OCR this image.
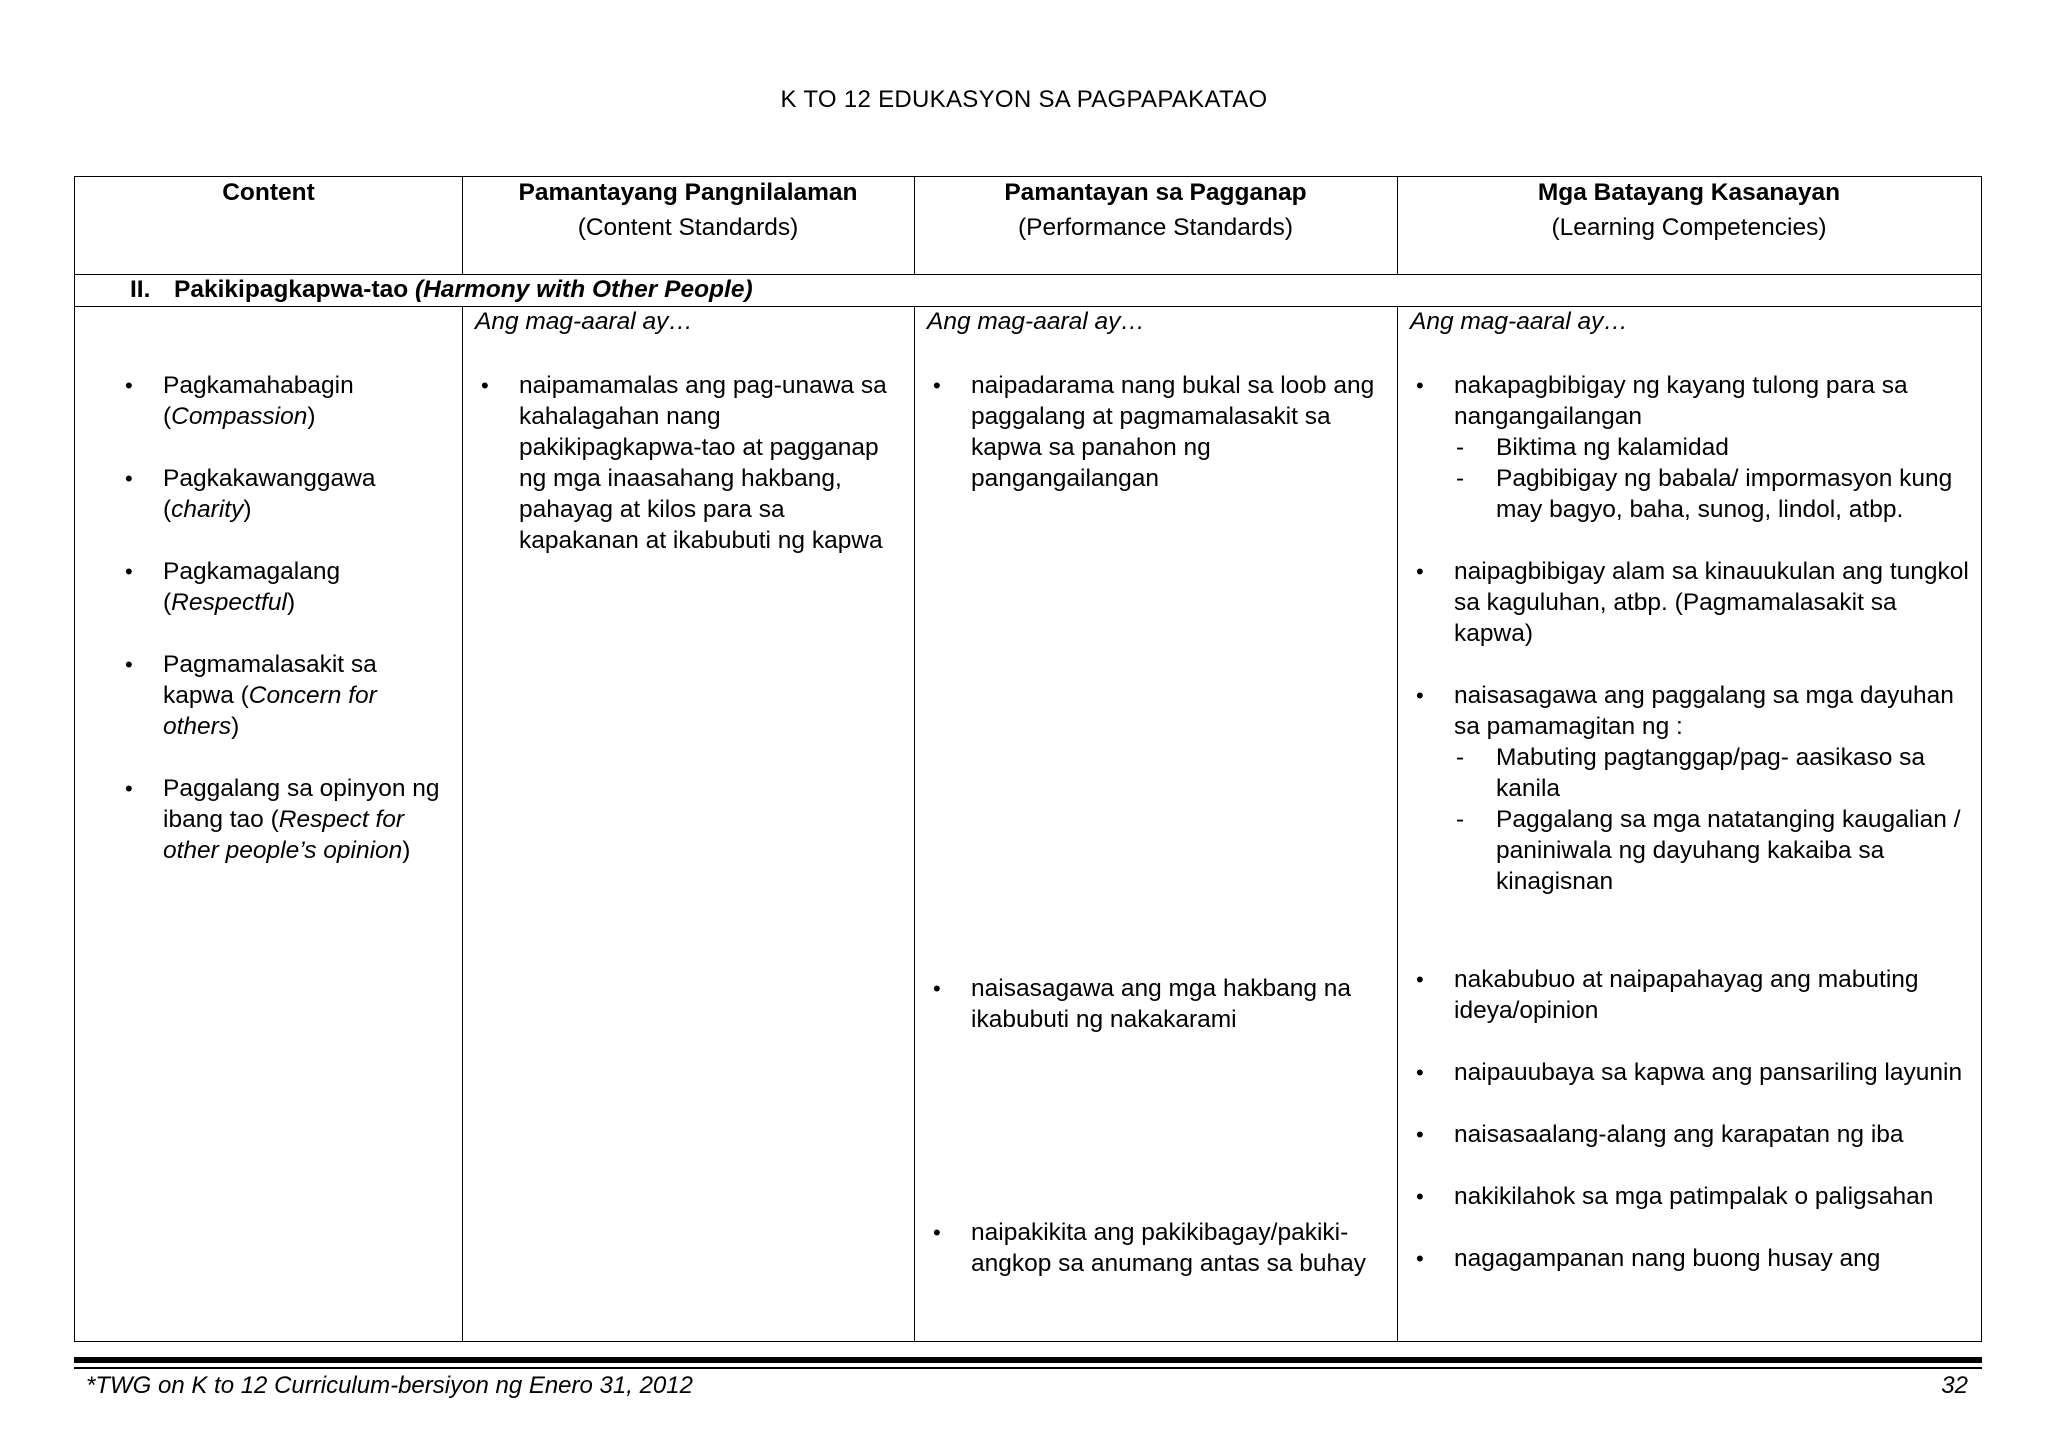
K TO 12 EDUKASYON SA PAGPAPAKATAO
Content	Pamantayang Pangnilalaman
(Content Standards)
Pamantayan sa Pagganap
(Performance Standards)
Mga Batayang Kasanayan
(Learning Competencies)
II. Pakikipagkapwa-tao (Harmony with Other People)
• Pagkamahabagin (Compassion)
• Pagkakawanggawa (charity)
• Pagkamagalang (Respectful)
• Pagmamalasakit sa kapwa (Concern for others)
• Paggalang sa opinyon ng ibang tao (Respect for other people’s opinion)
Ang mag-aaral ay…
• naipamamalas ang pag-unawa sa kahalagahan nang pakikipagkapwa-tao at pagganap ng mga inaasahang hakbang, pahayag at kilos para sa kapakanan at ikabubuti ng kapwa
Ang mag-aaral ay…
• naipadarama nang bukal sa loob ang paggalang at pagmamalasakit sa kapwa sa panahon ng pangangailangan
• naisasagawa ang mga hakbang na ikabubuti ng nakakarami
• naipakikita ang pakikibagay/pakiki-angkop sa anumang antas sa buhay
Ang mag-aaral ay…
• nakapagbibigay ng kayang tulong para sa nangangailangan
- Biktima ng kalamidad
- Pagbibigay ng babala/ impormasyon kung may bagyo, baha, sunog, lindol, atbp.
• naipagbibigay alam sa kinauukulan ang tungkol sa kaguluhan, atbp. (Pagmamalasakit sa kapwa)
• naisasagawa ang paggalang sa mga dayuhan sa pamamagitan ng :
- Mabuting pagtanggap/pag- aasikaso sa kanila
- Paggalang sa mga natatanging kaugalian / paniniwala ng dayuhang kakaiba sa kinagisnan
• nakabubuo at naipapahayag ang mabuting ideya/opinion
• naipauubaya sa kapwa ang pansariling layunin
• naisasaalang-alang ang karapatan ng iba
• nakikilahok sa mga patimpalak o paligsahan
• nagagampanan nang buong husay ang
*TWG on K to 12 Curriculum-bersiyon ng Enero 31, 2012	32
